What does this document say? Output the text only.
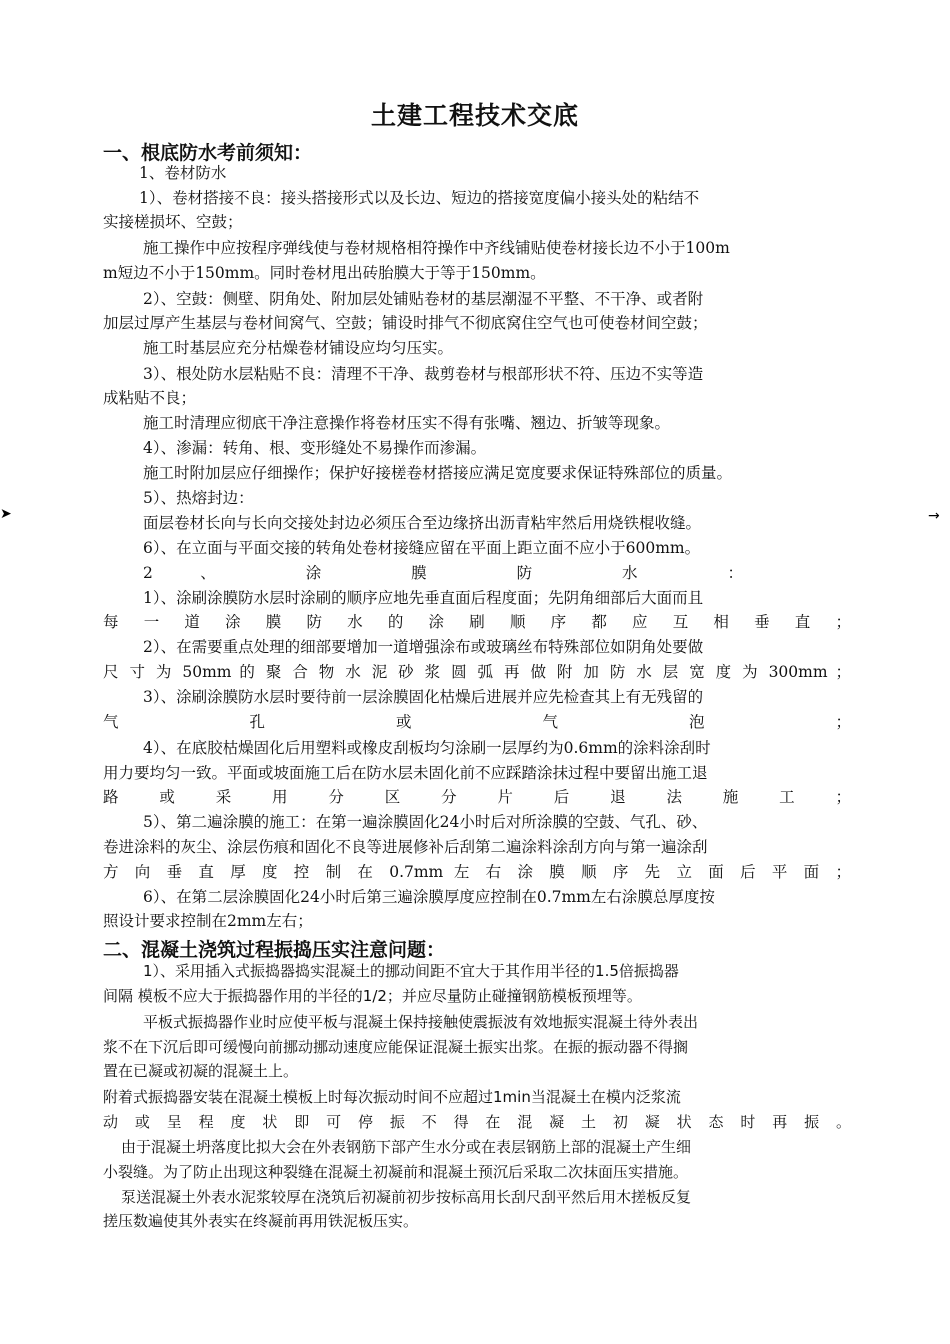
土建工程技术交底
一、根底防水考前须知：
1、卷材防水
1）、卷材搭接不良：接头搭接形式以及长边、短边的搭接宽度偏小接头处的粘结不
实接槎损坏、空鼓；
施工操作中应按程序弹线使与卷材规格相符操作中齐线铺贴使卷材接长边不小于100m
m短边不小于150mm。同时卷材甩出砖胎膜大于等于150mm。
2）、空鼓：侧壁、阴角处、附加层处铺贴卷材的基层潮湿不平整、不干净、或者附
加层过厚产生基层与卷材间窝气、空鼓；铺设时排气不彻底窝住空气也可使卷材间空鼓；
施工时基层应充分枯燥卷材铺设应均匀压实。
3）、根处防水层粘贴不良：清理不干净、裁剪卷材与根部形状不符、压边不实等造
成粘贴不良；
施工时清理应彻底干净注意操作将卷材压实不得有张嘴、翘边、折皱等现象。
4）、渗漏：转角、根、变形缝处不易操作而渗漏。
施工时附加层应仔细操作；保护好接槎卷材搭接应满足宽度要求保证特殊部位的质量。
5）、热熔封边：
面层卷材长向与长向交接处封边必须压合至边缘挤出沥青粘牢然后用烧铁棍收缝。
6）、在立面与平面交接的转角处卷材接缝应留在平面上距立面不应小于600mm。
2 、 涂 膜 防 水 ：
1）、涂刷涂膜防水层时涂刷的顺序应地先垂直面后程度面；先阴角细部后大面而且
每 一 道 涂 膜 防 水 的 涂 刷 顺 序 都 应 互 相 垂 直 ；
2）、在需要重点处理的细部要增加一道增强涂布或玻璃丝布特殊部位如阴角处要做
尺 寸 为 50mm 的 聚 合 物 水 泥 砂 浆 圆 弧 再 做 附 加 防 水 层 宽 度 为 300mm ；
3）、涂刷涂膜防水层时要待前一层涂膜固化枯燥后进展并应先检查其上有无残留的
气 孔 或 气 泡 ；
4）、在底胶枯燥固化后用塑料或橡皮刮板均匀涂刷一层厚约为0.6mm的涂料涂刮时
用力要均匀一致。平面或坡面施工后在防水层未固化前不应踩踏涂抹过程中要留出施工退
路 或 采 用 分 区 分 片 后 退 法 施 工 ；
5）、第二遍涂膜的施工：在第一遍涂膜固化24小时后对所涂膜的空鼓、气孔、砂、
卷进涂料的灰尘、涂层伤痕和固化不良等进展修补后刮第二遍涂料涂刮方向与第一遍涂刮
方 向 垂 直 厚 度 控 制 在 0.7mm 左 右 涂 膜 顺 序 先 立 面 后 平 面 ；
6）、在第二层涂膜固化24小时后第三遍涂膜厚度应控制在0.7mm左右涂膜总厚度按
照设计要求控制在2mm左右；
二、混凝土浇筑过程振捣压实注意问题：
1）、采用插入式振捣器捣实混凝土的挪动间距不宜大于其作用半径的1.5倍振捣器
间隔 模板不应大于振捣器作用的半径的1/2；并应尽量防止碰撞钢筋模板预埋等。
平板式振捣器作业时应使平板与混凝土保持接触使震振波有效地振实混凝土待外表出
浆不在下沉后即可缓慢向前挪动挪动速度应能保证混凝土振实出浆。在振的振动器不得搁
置在已凝或初凝的混凝土上。
附着式振捣器安装在混凝土模板上时每次振动时间不应超过1min当混凝土在模内泛浆流
动 或 呈 程 度 状 即 可 停 振 不 得 在 混 凝 土 初 凝 状 态 时 再 振 。
由于混凝土坍落度比拟大会在外表钢筋下部产生水分或在表层钢筋上部的混凝土产生细
小裂缝。为了防止出现这种裂缝在混凝土初凝前和混凝土预沉后采取二次抹面压实措施。
泵送混凝土外表水泥浆较厚在浇筑后初凝前初步按标高用长刮尺刮平然后用木搓板反复
搓压数遍使其外表实在终凝前再用铁泥板压实。
➤	→
